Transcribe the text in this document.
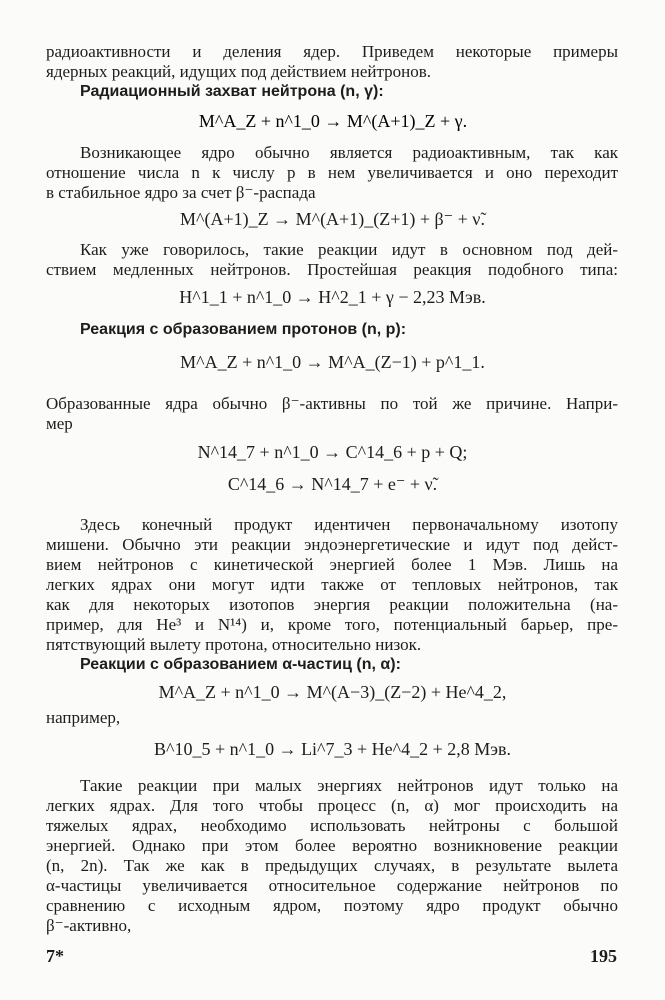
радиоактивности и деления ядер. Приведем некоторые примеры
ядерных реакций, идущих под действием нейтронов.
Радиационный захват нейтрона (n, γ):
M^A_Z + n^1_0 → M^(A+1)_Z + γ.
Возникающее ядро обычно является радиоактивным, так как
отношение числа n к числу p в нем увеличивается и оно переходит
в стабильное ядро за счет β⁻-распада
M^(A+1)_Z → M^(A+1)_(Z+1) + β⁻ + ν̃.
Как уже говорилось, такие реакции идут в основном под дей-
ствием медленных нейтронов. Простейшая реакция подобного типа:
H^1_1 + n^1_0 → H^2_1 + γ − 2,23 Мэв.
Реакция с образованием протонов (n, p):
M^A_Z + n^1_0 → M^A_(Z−1) + p^1_1.
Образованные ядра обычно β⁻-активны по той же причине. Напри-
мер
N^14_7 + n^1_0 → C^14_6 + p + Q;
C^14_6 → N^14_7 + e⁻ + ν̃.
Здесь конечный продукт идентичен первоначальному изотопу
мишени. Обычно эти реакции эндоэнергетические и идут под дейст-
вием нейтронов с кинетической энергией более 1 Мэв. Лишь на
легких ядрах они могут идти также от тепловых нейтронов, так
как для некоторых изотопов энергия реакции положительна (на-
пример, для He³ и N¹⁴) и, кроме того, потенциальный барьер, пре-
пятствующий вылету протона, относительно низок.
Реакции с образованием α-частиц (n, α):
M^A_Z + n^1_0 → M^(A−3)_(Z−2) + He^4_2,
например,
B^10_5 + n^1_0 → Li^7_3 + He^4_2 + 2,8 Мэв.
Такие реакции при малых энергиях нейтронов идут только на
легких ядрах. Для того чтобы процесс (n, α) мог происходить на
тяжелых ядрах, необходимо использовать нейтроны с большой
энергией. Однако при этом более вероятно возникновение реакции
(n, 2n). Так же как в предыдущих случаях, в результате вылета
α-частицы увеличивается относительное содержание нейтронов по
сравнению с исходным ядром, поэтому ядро продукт обычно
β⁻-активно,
7*	195
